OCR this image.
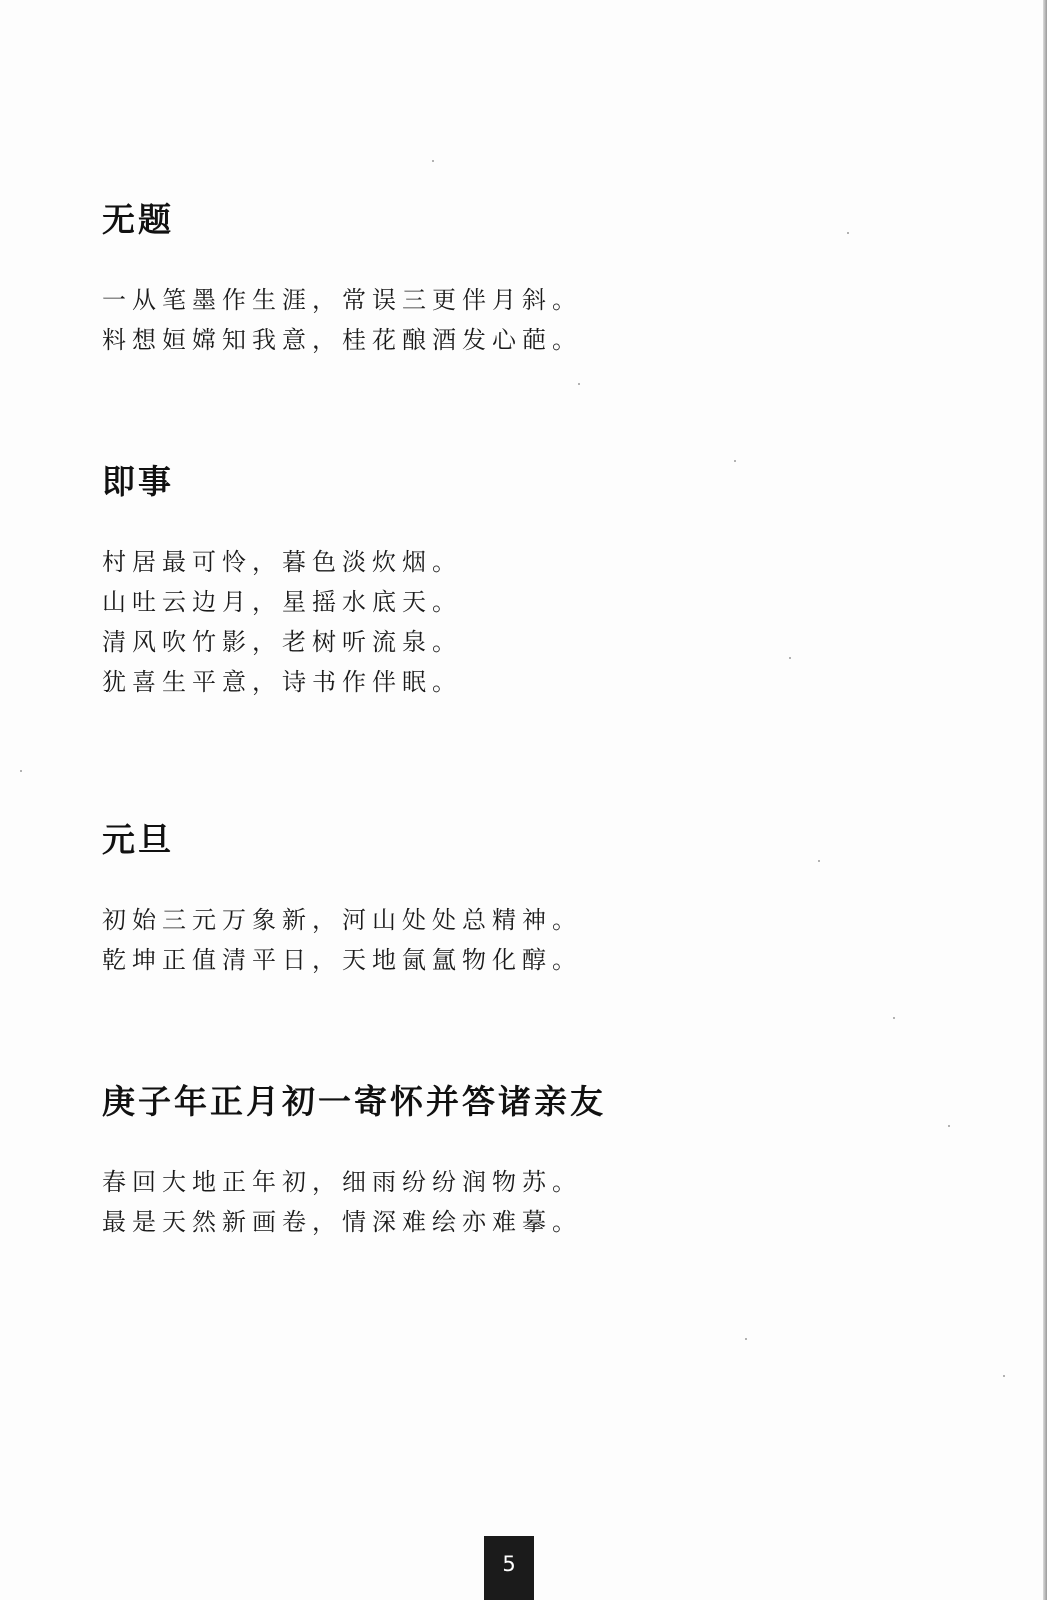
无题
一从笔墨作生涯，常误三更伴月斜。
料想姮嫦知我意，桂花酿酒发心葩。
即事
村居最可怜，暮色淡炊烟。
山吐云边月，星摇水底天。
清风吹竹影，老树听流泉。
犹喜生平意，诗书作伴眠。
元旦
初始三元万象新，河山处处总精神。
乾坤正值清平日，天地氤氲物化醇。
庚子年正月初一寄怀并答诸亲友
春回大地正年初，细雨纷纷润物苏。
最是天然新画卷，情深难绘亦难摹。
5
